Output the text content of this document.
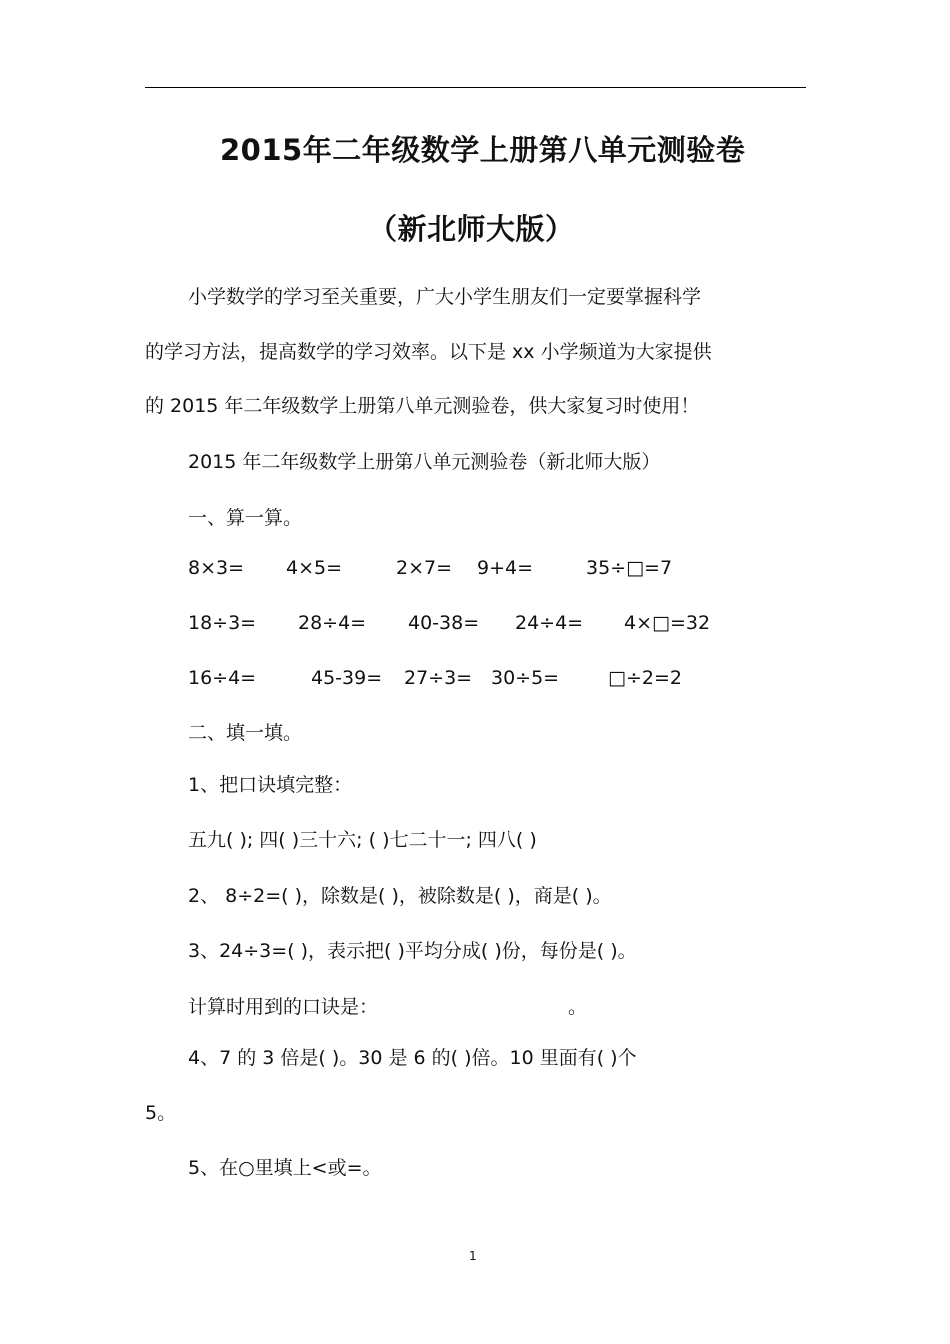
2015年二年级数学上册第八单元测验卷
（新北师大版）
小学数学的学习至关重要，广大小学生朋友们一定要掌握科学
的学习方法，提高数学的学习效率。以下是 xx 小学频道为大家提供
的 2015 年二年级数学上册第八单元测验卷，供大家复习时使用！
2015 年二年级数学上册第八单元测验卷（新北师大版）
一、算一算。
8×3= 4×5=	2×7= 9+4=	35÷□=7
18÷3= 28÷4= 40-38= 24÷4= 4×□=32
16÷4=	45-39= 27÷3= 30÷5=	□÷2=2
二、填一填。
1、把口诀填完整：
五九( ); 四( )三十六; ( )七二十一; 四八( )
2、 8÷2=( )，除数是( )，被除数是( )，商是( )。
3、24÷3=( )，表示把( )平均分成( )份，每份是( )。
计算时用到的口诀是：	。
4、7 的 3 倍是( )。30 是 6 的( )倍。10 里面有( )个
5。
5、在○里填上<或=。
1
